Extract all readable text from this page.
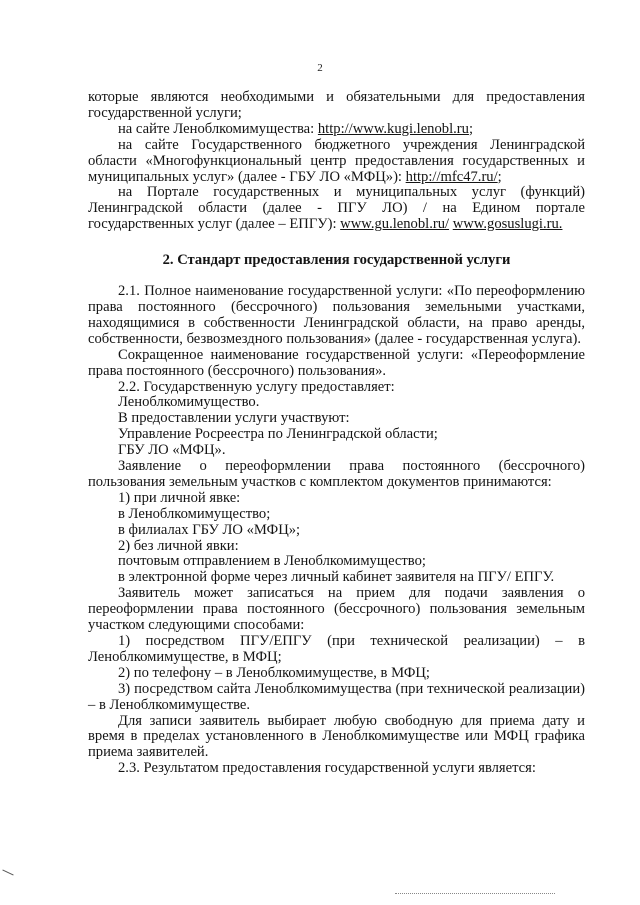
2

которые являются необходимыми и обязательными для предоставления государственной услуги;

на сайте Леноблкомимущества: http://www.kugi.lenobl.ru;

на сайте Государственного бюджетного учреждения Ленинградской области «Многофункциональный центр предоставления государственных и муниципальных услуг» (далее - ГБУ ЛО «МФЦ»): http://mfc47.ru/;

на Портале государственных и муниципальных услуг (функций) Ленинградской области (далее - ПГУ ЛО) / на Едином портале государственных услуг (далее – ЕПГУ): www.gu.lenobl.ru/ www.gosuslugi.ru.

2. Стандарт предоставления государственной услуги

2.1. Полное наименование государственной услуги: «По переоформлению права постоянного (бессрочного) пользования земельными участками, находящимися в собственности Ленинградской области, на право аренды, собственности, безвозмездного пользования» (далее - государственная услуга).

Сокращенное наименование государственной услуги: «Переоформление права постоянного (бессрочного) пользования».

2.2. Государственную услугу предоставляет:

Леноблкомимущество.

В предоставлении услуги участвуют:

Управление Росреестра по Ленинградской области;

ГБУ ЛО «МФЦ».

Заявление о переоформлении права постоянного (бессрочного) пользования земельным участков с комплектом документов принимаются:

1) при личной явке:

в Леноблкомимущество;

в филиалах ГБУ ЛО «МФЦ»;

2) без личной явки:

почтовым отправлением в Леноблкомимущество;

в электронной форме через личный кабинет заявителя на ПГУ/ ЕПГУ.

Заявитель может записаться на прием для подачи заявления о переоформлении права постоянного (бессрочного) пользования земельным участком следующими способами:

1) посредством ПГУ/ЕПГУ (при технической реализации) – в Леноблкомимуществе, в МФЦ;

2) по телефону – в Леноблкомимуществе, в МФЦ;

3) посредством сайта Леноблкомимущества (при технической реализации) – в Леноблкомимуществе.

Для записи заявитель выбирает любую свободную для приема дату и время в пределах установленного в Леноблкомимуществе или МФЦ графика приема заявителей.

2.3. Результатом предоставления государственной услуги является:
